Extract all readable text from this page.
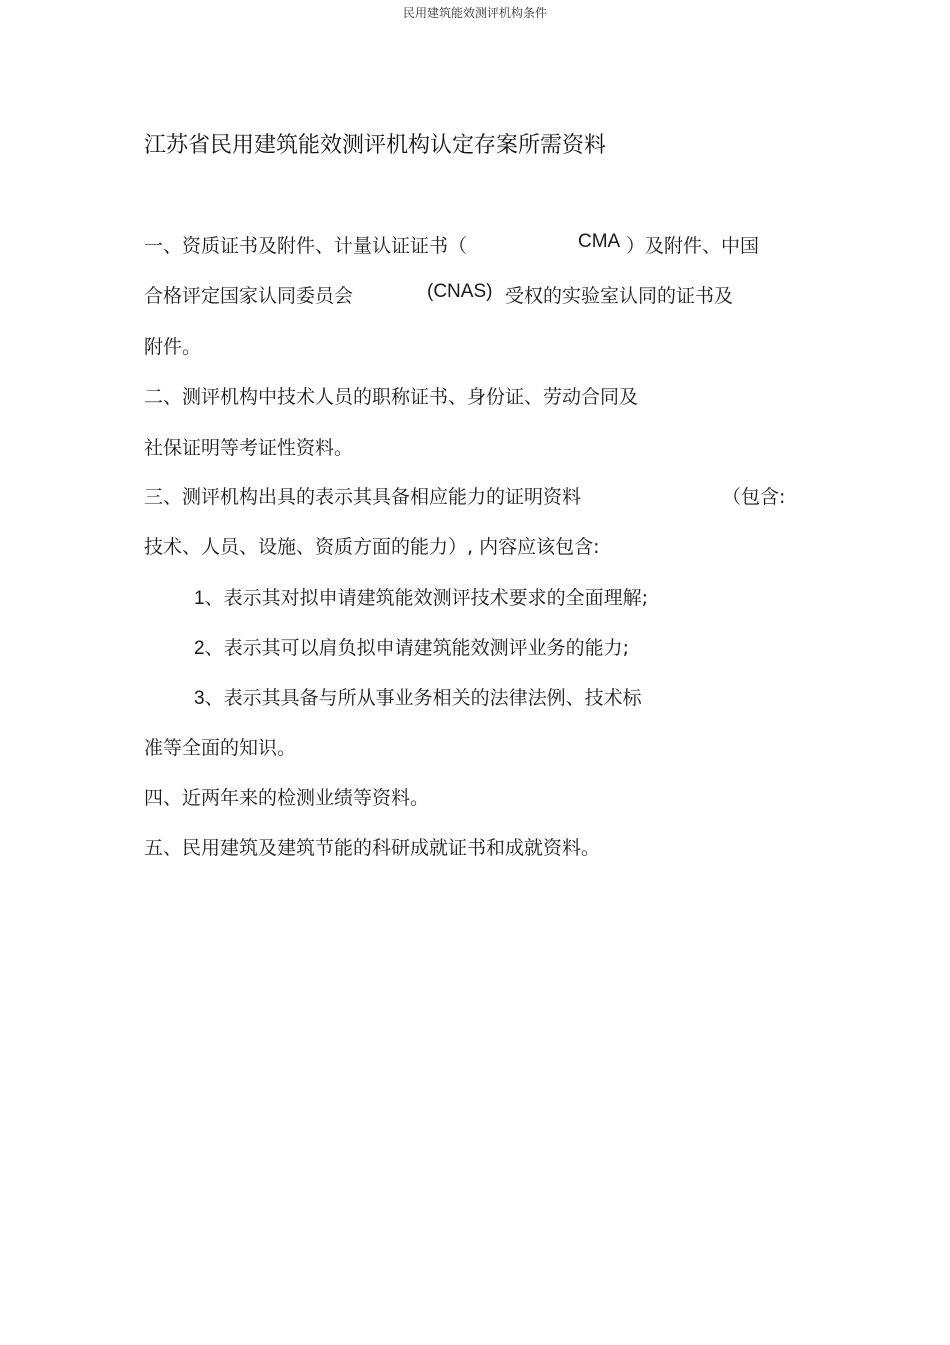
民用建筑能效测评机构条件
江苏省民用建筑能效测评机构认定存案所需资料
一、资质证书及附件、计量认证证书（	CMA ）及附件、中国
合格评定国家认同委员会	(CNAS) 受权的实验室认同的证书及
附件。
二、测评机构中技术人员的职称证书、身份证、劳动合同及
社保证明等考证性资料。
三、测评机构出具的表示其具备相应能力的证明资料	（包含:
技术、人员、设施、资质方面的能力）, 内容应该包含:
1、表示其对拟申请建筑能效测评技术要求的全面理解;
2、表示其可以肩负拟申请建筑能效测评业务的能力;
3、表示其具备与所从事业务相关的法律法例、技术标
准等全面的知识。
四、近两年来的检测业绩等资料。
五、民用建筑及建筑节能的科研成就证书和成就资料。
